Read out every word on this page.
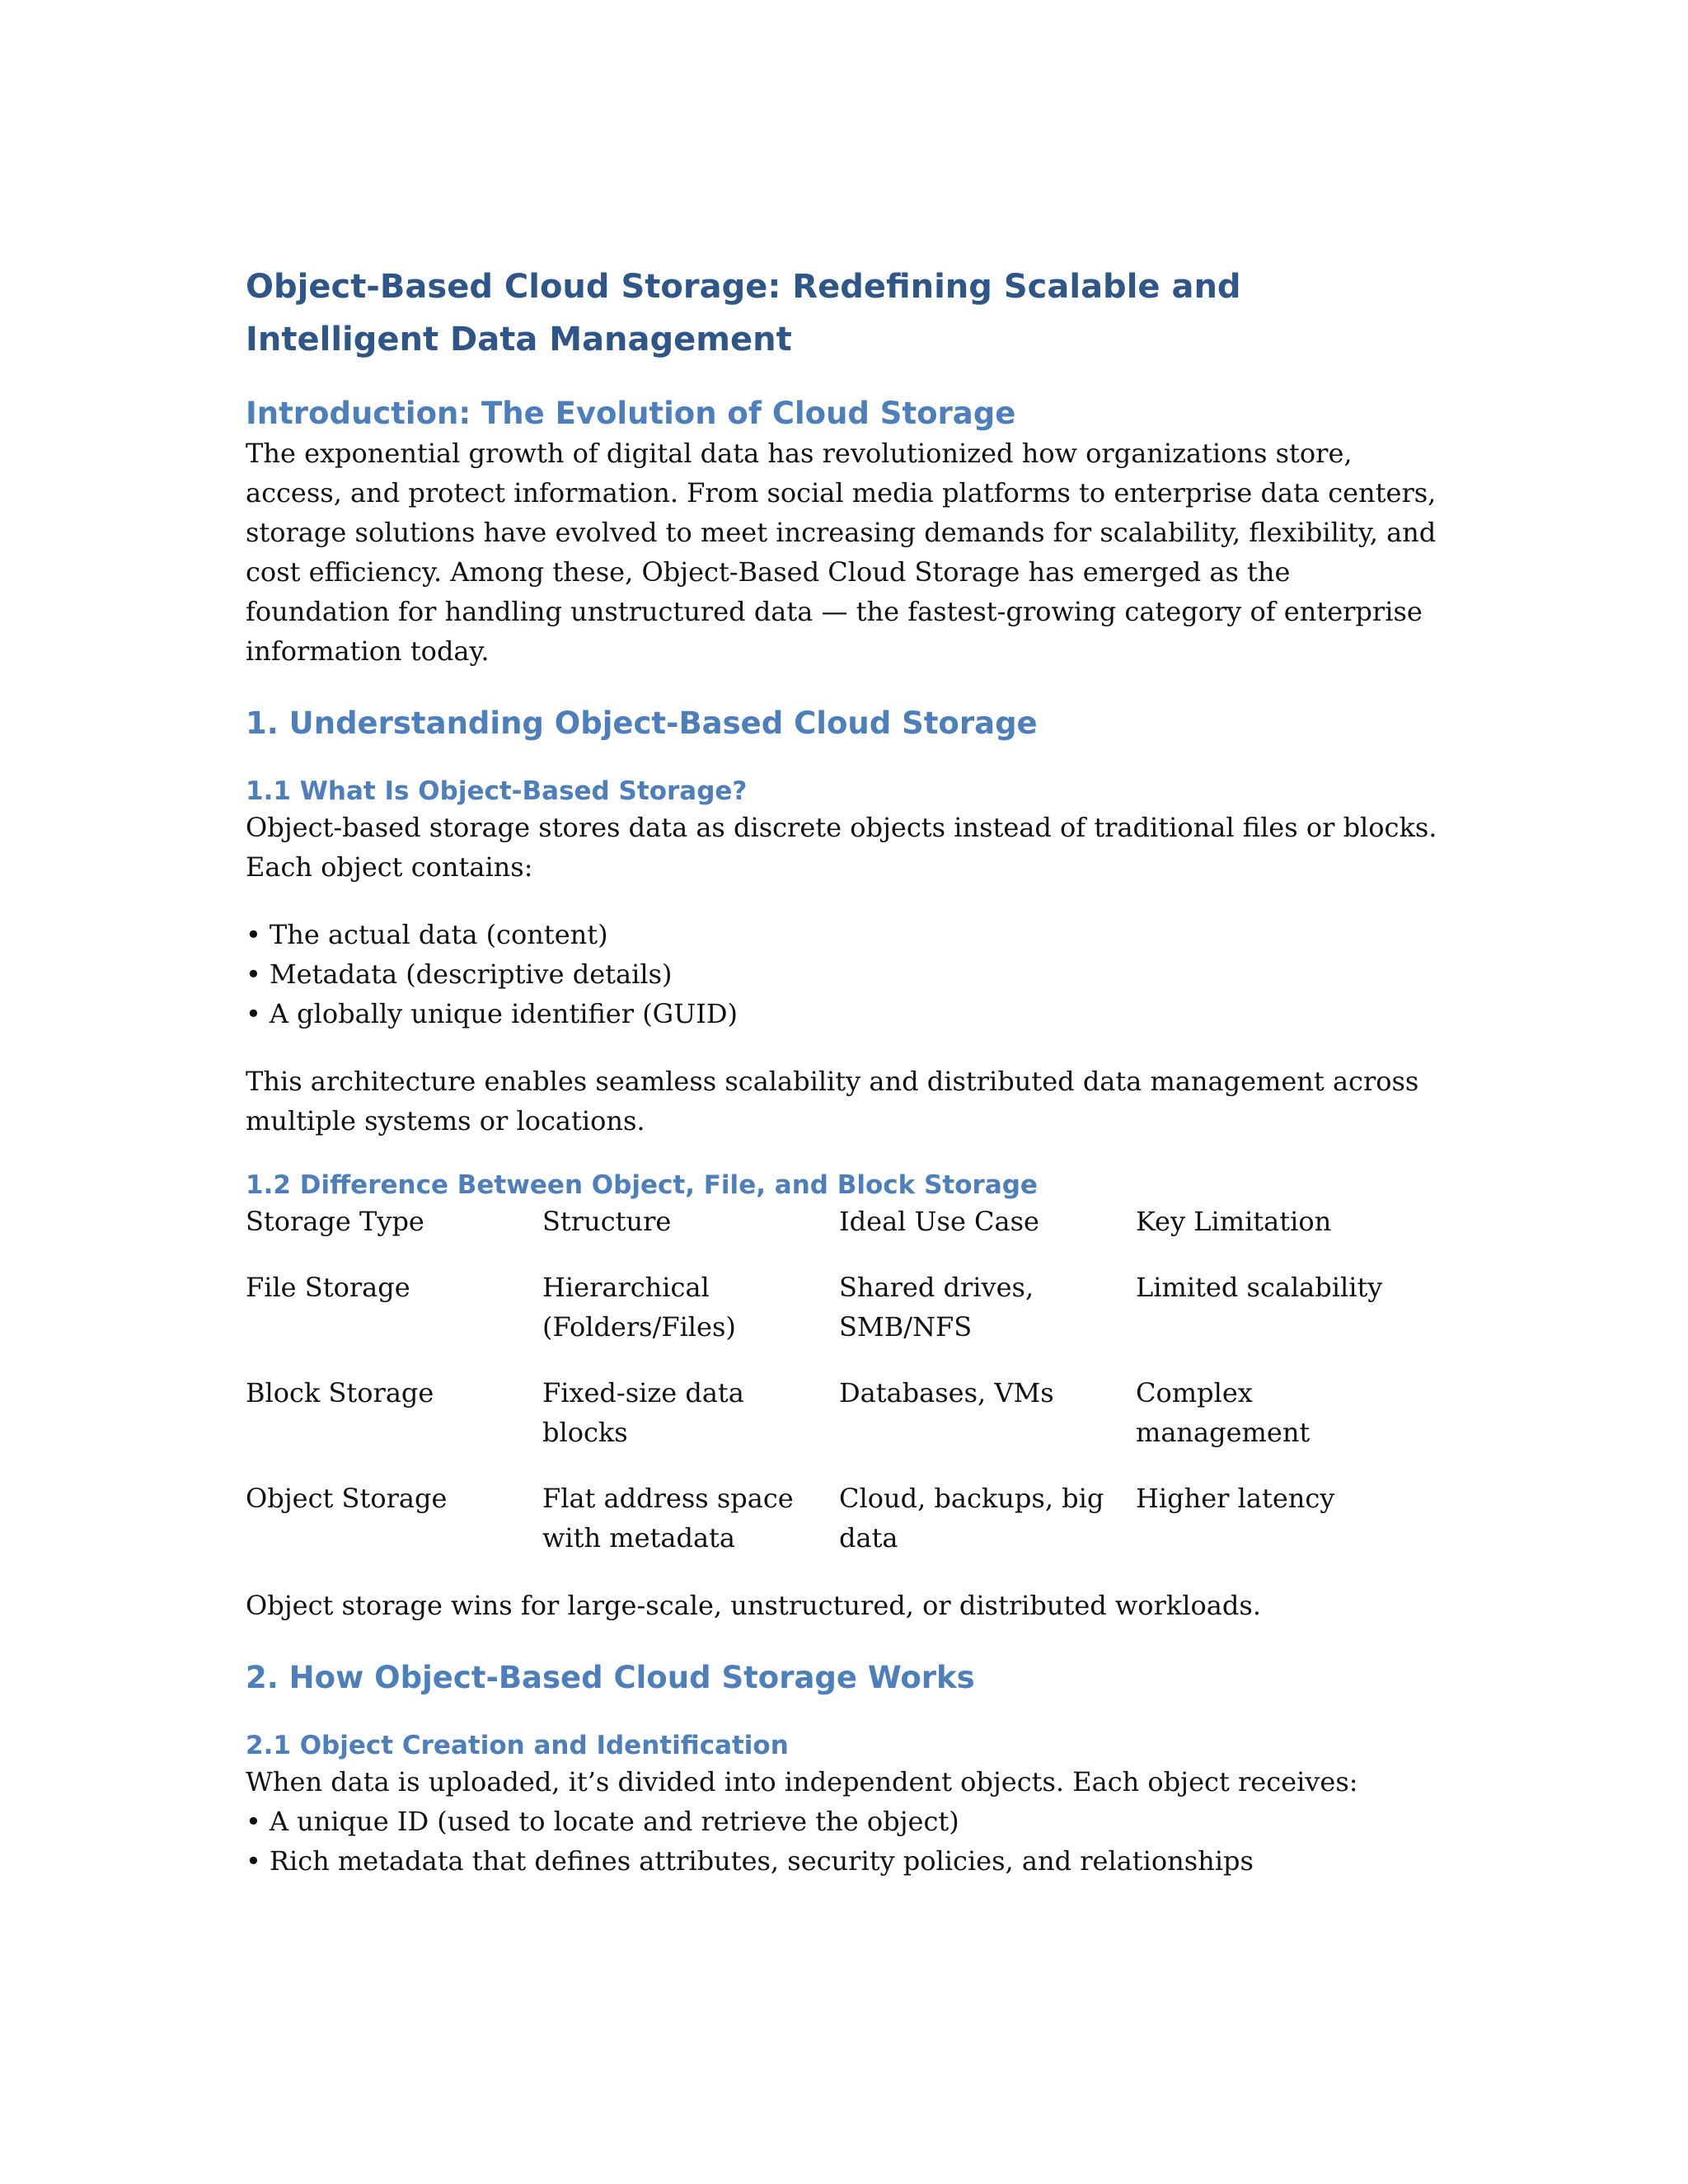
Object-Based Cloud Storage: Redefining Scalable and Intelligent Data Management
Introduction: The Evolution of Cloud Storage

The exponential growth of digital data has revolutionized how organizations store, access, and protect information. From social media platforms to enterprise data centers, storage solutions have evolved to meet increasing demands for scalability, flexibility, and cost efficiency. Among these, Object-Based Cloud Storage has emerged as the foundation for handling unstructured data — the fastest-growing category of enterprise information today.

1. Understanding Object-Based Cloud Storage
1.1 What Is Object-Based Storage?

Object-based storage stores data as discrete objects instead of traditional files or blocks. Each object contains:

• The actual data (content)
• Metadata (descriptive details)
• A globally unique identifier (GUID)

This architecture enables seamless scalability and distributed data management across multiple systems or locations.

1.2 Difference Between Object, File, and Block Storage
Storage Type	Structure	Ideal Use Case	Key Limitation
File Storage	Hierarchical (Folders/Files)	Shared drives, SMB/NFS	Limited scalability
Block Storage	Fixed-size data blocks	Databases, VMs	Complex management
Object Storage	Flat address space with metadata	Cloud, backups, big data	Higher latency

Object storage wins for large-scale, unstructured, or distributed workloads.

2. How Object-Based Cloud Storage Works
2.1 Object Creation and Identification

When data is uploaded, it’s divided into independent objects. Each object receives:

• A unique ID (used to locate and retrieve the object)
• Rich metadata that defines attributes, security policies, and relationships
